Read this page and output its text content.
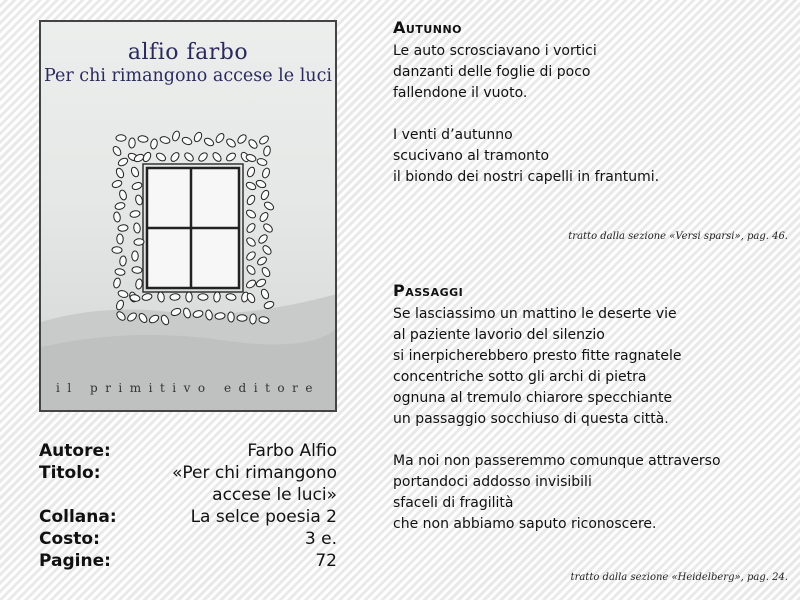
alfio farbo
Per chi rimangono accese le luci
il primitivo editore
Autore:	Farbo Alfio
Titolo:	«Per chi rimangono accese le luci»
Collana:	La selce poesia 2
Costo:	3 e.
Pagine:	72
Autunno
Le auto scrosciavano i vortici
danzanti delle foglie di poco
fallendone il vuoto.

I venti d’autunno
scucivano al tramonto
il biondo dei nostri capelli in frantumi.
tratto dalla sezione «Versi sparsi», pag. 46.
Passaggi
Se lasciassimo un mattino le deserte vie
al paziente lavorio del silenzio
si inerpicherebbero presto fitte ragnatele
concentriche sotto gli archi di pietra
ognuna al tremulo chiarore specchiante
un passaggio socchiuso di questa città.

Ma noi non passeremmo comunque attraverso
portandoci addosso invisibili
sfaceli di fragilità
che non abbiamo saputo riconoscere.
tratto dalla sezione «Heidelberg», pag. 24.
